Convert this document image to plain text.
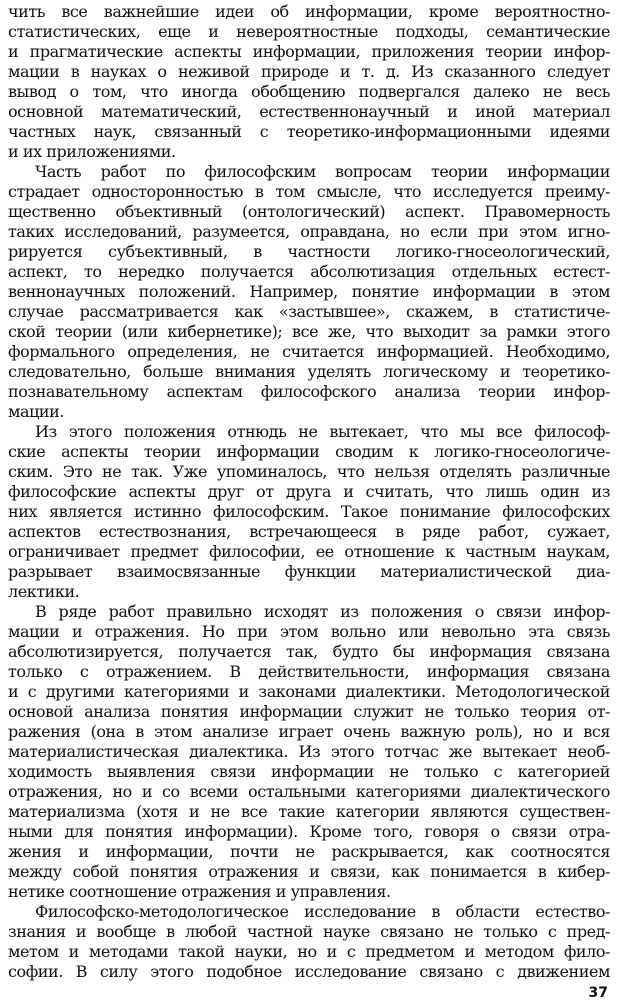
чить все важнейшие идеи об информации, кроме вероятностно-
статистических, еще и невероятностные подходы, семантические
и прагматические аспекты информации, приложения теории инфор-
мации в науках о неживой природе и т. д. Из сказанного следует
вывод о том, что иногда обобщению подвергался далеко не весь
основной математический, естественнонаучный и иной материал
частных наук, связанный с теоретико-информационными идеями
и их приложениями.
Часть работ по философским вопросам теории информации
страдает односторонностью в том смысле, что исследуется преиму-
щественно объективный (онтологический) аспект. Правомерность
таких исследований, разумеется, оправдана, но если при этом игно-
рируется субъективный, в частности логико-гносеологический,
аспект, то нередко получается абсолютизация отдельных естест-
веннонаучных положений. Например, понятие информации в этом
случае рассматривается как «застывшее», скажем, в статистиче-
ской теории (или кибернетике); все же, что выходит за рамки этого
формального определения, не считается информацией. Необходимо,
следовательно, больше внимания уделять логическому и теоретико-
познавательному аспектам философского анализа теории инфор-
мации.
Из этого положения отнюдь не вытекает, что мы все философ-
ские аспекты теории информации сводим к логико-гносеологиче-
ским. Это не так. Уже упоминалось, что нельзя отделять различные
философские аспекты друг от друга и считать, что лишь один из
них является истинно философским. Такое понимание философских
аспектов естествознания, встречающееся в ряде работ, сужает,
ограничивает предмет философии, ее отношение к частным наукам,
разрывает взаимосвязанные функции материалистической диа-
лектики.
В ряде работ правильно исходят из положения о связи инфор-
мации и отражения. Но при этом вольно или невольно эта связь
абсолютизируется, получается так, будто бы информация связана
только с отражением. В действительности, информация связана
и с другими категориями и законами диалектики. Методологической
основой анализа понятия информации служит не только теория от-
ражения (она в этом анализе играет очень важную роль), но и вся
материалистическая диалектика. Из этого тотчас же вытекает необ-
ходимость выявления связи информации не только с категорией
отражения, но и со всеми остальными категориями диалектического
материализма (хотя и не все такие категории являются существен-
ными для понятия информации). Кроме того, говоря о связи отра-
жения и информации, почти не раскрывается, как соотносятся
между собой понятия отражения и связи, как понимается в кибер-
нетике соотношение отражения и управления.
Философско-методологическое исследование в области естество-
знания и вообще в любой частной науке связано не только с пред-
метом и методами такой науки, но и с предметом и методом фило-
софии. В силу этого подобное исследование связано с движением
37
